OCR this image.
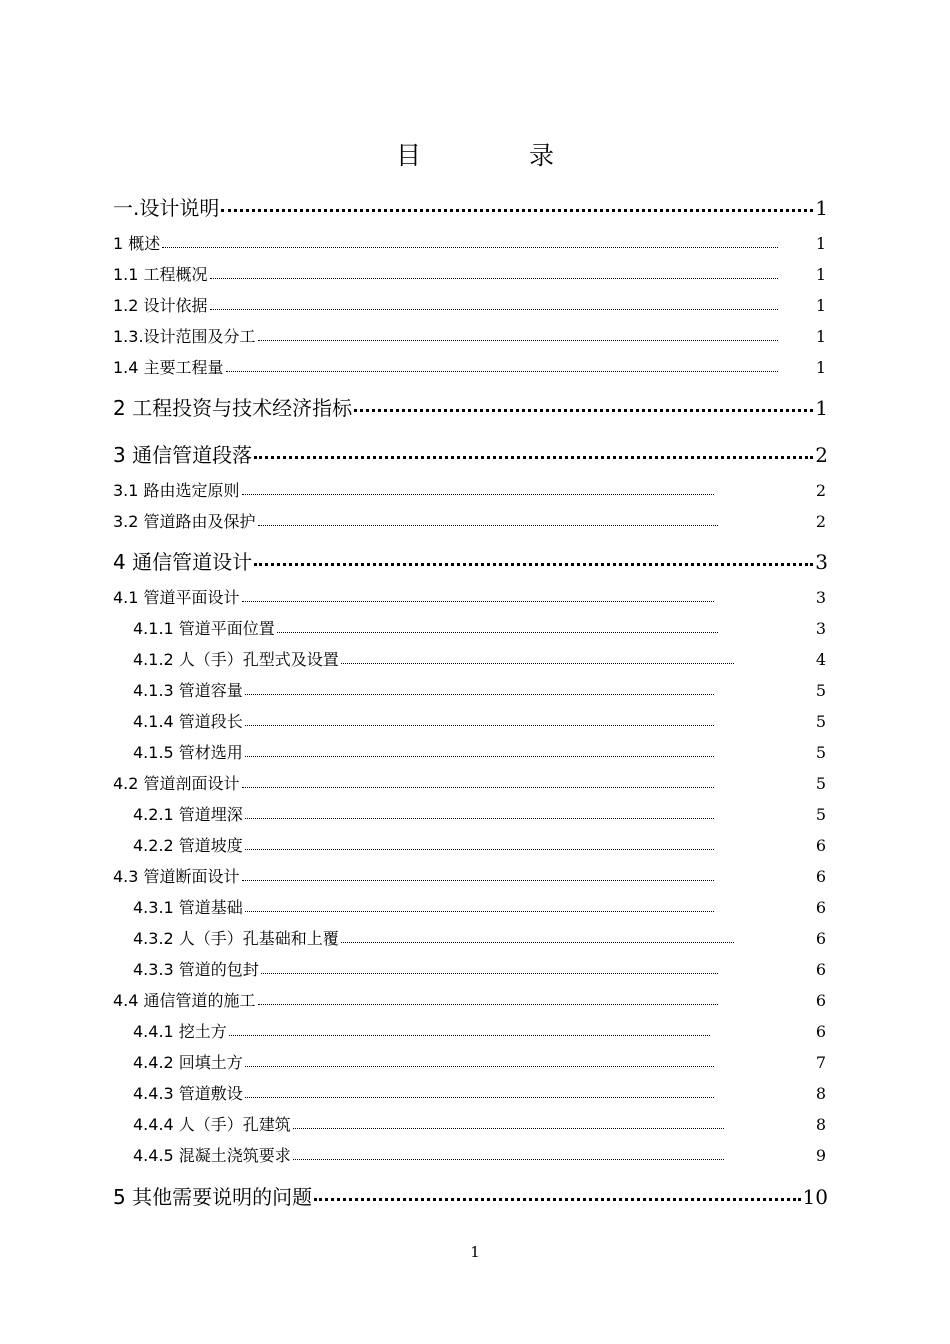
目 录
一.设计说明	1
1 概述	1
1.1 工程概况	1
1.2 设计依据	1
1.3.设计范围及分工	1
1.4 主要工程量	1
2 工程投资与技术经济指标	1
3 通信管道段落	2
3.1 路由选定原则	2
3.2 管道路由及保护	2
4 通信管道设计	3
4.1 管道平面设计	3
4.1.1 管道平面位置	3
4.1.2 人（手）孔型式及设置	4
4.1.3 管道容量	5
4.1.4 管道段长	5
4.1.5 管材选用	5
4.2 管道剖面设计	5
4.2.1 管道埋深	5
4.2.2 管道坡度	6
4.3 管道断面设计	6
4.3.1 管道基础	6
4.3.2 人（手）孔基础和上覆	6
4.3.3 管道的包封	6
4.4 通信管道的施工	6
4.4.1 挖土方	6
4.4.2 回填土方	7
4.4.3 管道敷设	8
4.4.4 人（手）孔建筑	8
4.4.5 混凝土浇筑要求	9
5 其他需要说明的问题	10
1
